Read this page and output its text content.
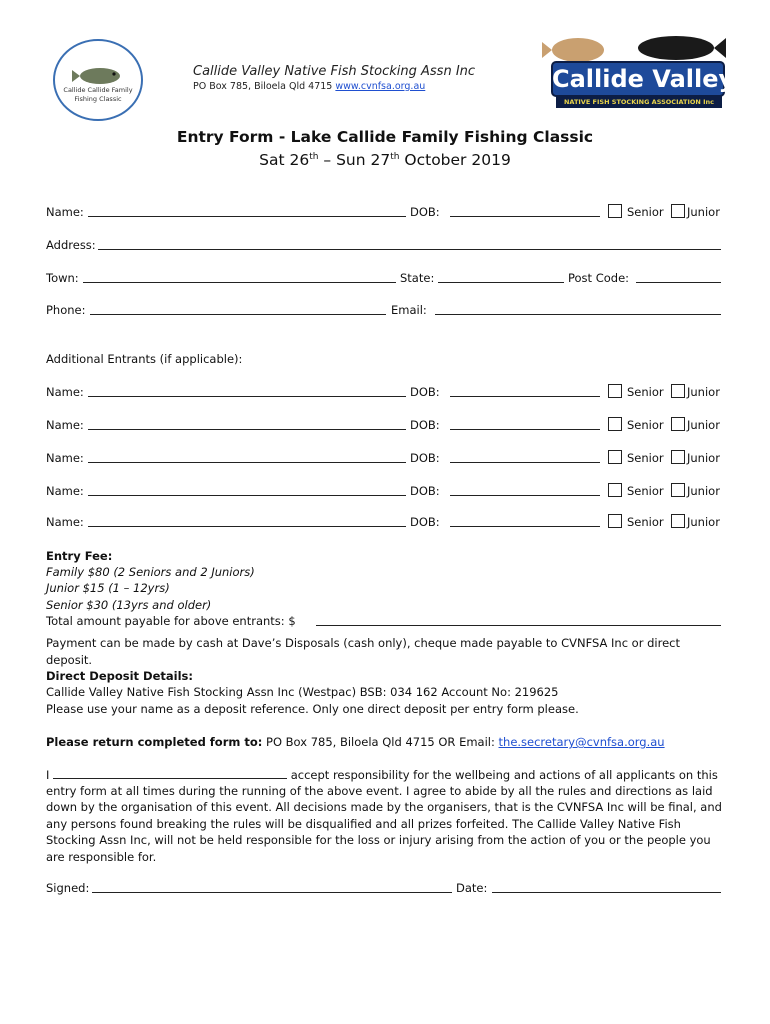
Callide Callide Family
Fishing Classic
Callide Valley Native Fish Stocking Assn Inc
PO Box 785, Biloela Qld 4715 www.cvnfsa.org.au	Callide Valley
NATIVE FISH STOCKING ASSOCIATION Inc
Entry Form - Lake Callide Family Fishing Classic
Sat 26th – Sun 27th October 2019
Name:	DOB:	Senior Junior
Address:
Town:	State:	Post Code:
Phone:	Email:
Additional Entrants (if applicable):
Name:	DOB:	Senior Junior
Name:	DOB:	Senior Junior
Name:	DOB:	Senior Junior
Name:	DOB:	Senior Junior
Name:	DOB:	Senior Junior
Entry Fee:
Family $80 (2 Seniors and 2 Juniors)
Junior $15 (1 – 12yrs)
Senior $30 (13yrs and older)
Total amount payable for above entrants: $
Payment can be made by cash at Dave’s Disposals (cash only), cheque made payable to CVNFSA Inc or direct deposit.
Direct Deposit Details:
Callide Valley Native Fish Stocking Assn Inc (Westpac) BSB: 034 162 Account No: 219625
Please use your name as a deposit reference. Only one direct deposit per entry form please.
Please return completed form to: PO Box 785, Biloela Qld 4715 OR Email: the.secretary@cvnfsa.org.au
I	accept responsibility for the wellbeing and actions of all applicants on this
entry form at all times during the running of the above event. I agree to abide by all the rules and directions as laid
down by the organisation of this event. All decisions made by the organisers, that is the CVNFSA Inc will be final, and
any persons found breaking the rules will be disqualified and all prizes forfeited. The Callide Valley Native Fish
Stocking Assn Inc, will not be held responsible for the loss or injury arising from the action of you or the people you
are responsible for.
Signed:	Date:
